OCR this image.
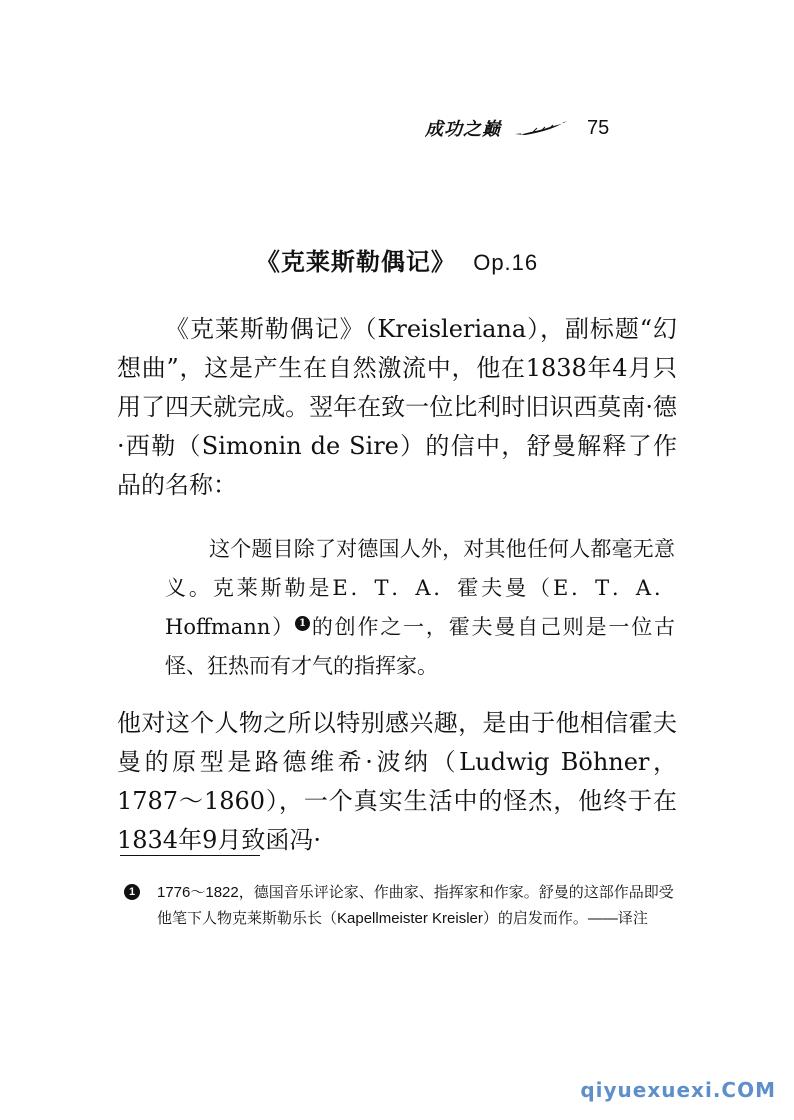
成功之巅	75
《克莱斯勒偶记》 Op.16

《克莱斯勒偶记》（Kreisleriana），副标题“幻想曲”，这是产生在自然激流中，他在1838年4月只用了四天就完成。翌年在致一位比利时旧识西莫南·德·西勒（Simonin de Sire）的信中，舒曼解释了作品的名称：

这个题目除了对德国人外，对其他任何人都毫无意义。克莱斯勒是E．T．A．霍夫曼（E．T．A．Hoffmann） 1 的创作之一，霍夫曼自己则是一位古怪、狂热而有才气的指挥家。

他对这个人物之所以特别感兴趣，是由于他相信霍夫曼的原型是路德维希·波纳（Ludwig Böhner，1787～1860），一个真实生活中的怪杰，他终于在1834年9月致函冯·

1	1776～1822，德国音乐评论家、作曲家、指挥家和作家。舒曼的这部作品即受他笔下人物克莱斯勒乐长（Kapellmeister Kreisler）的启发而作。——译注

qiyuexuexi.COM
